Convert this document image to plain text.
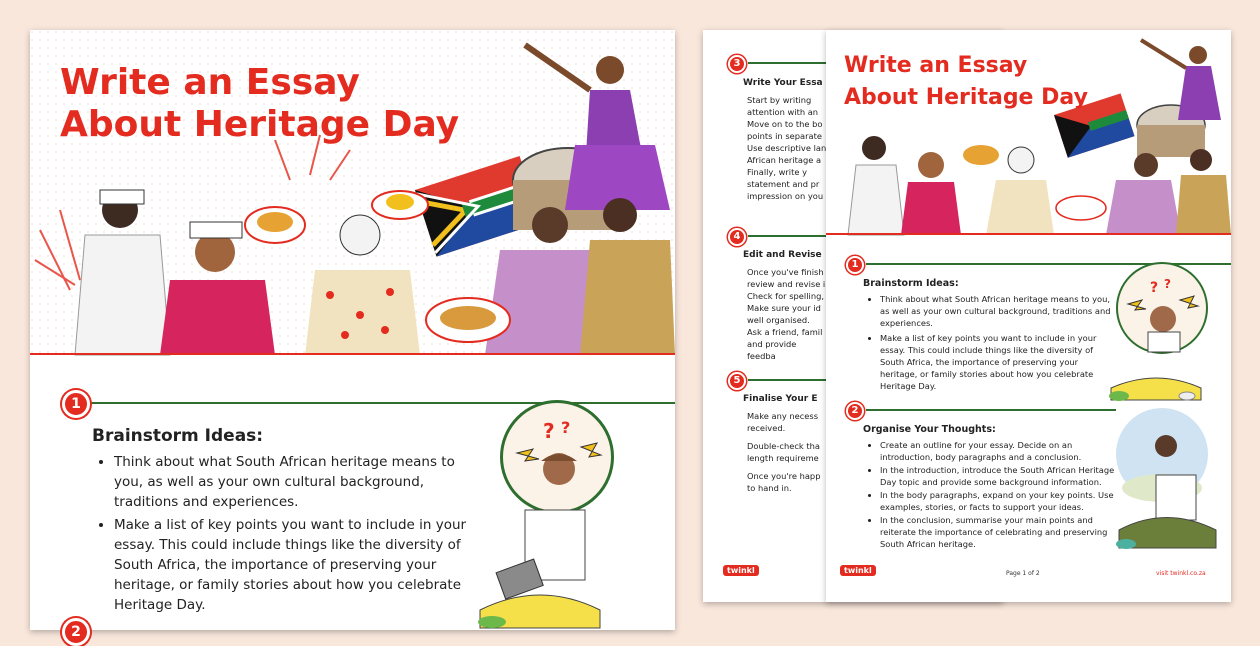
Write an Essay About Heritage Day
1
Brainstorm Ideas:
• Think about what South African heritage means to you, as well as your own cultural background, traditions and experiences.
• Make a list of key points you want to include in your essay. This could include things like the diversity of South Africa, the importance of preserving your heritage, or family stories about how you celebrate Heritage Day.
? ?
2
3
Write Your Essa
Start by writing
attention with an
Move on to the bo
points in separate
Use descriptive lan
African heritage a
Finally, write y
statement and pr
impression on you
4
Edit and Revise
Once you've finish
review and revise i
Check for spelling,
Make sure your id
well organised.
Ask a friend, famil
and provide feedba
5
Finalise Your E
Make any necess
received.
Double-check tha
length requireme
Once you're happ
to hand in.
twinkl
Write an Essay About Heritage Day
1
Brainstorm Ideas:
• Think about what South African heritage means to you, as well as your own cultural background, traditions and experiences.
• Make a list of key points you want to include in your essay. This could include things like the diversity of South Africa, the importance of preserving your heritage, or family stories about how you celebrate Heritage Day.
? ?
2
Organise Your Thoughts:
• Create an outline for your essay. Decide on an introduction, body paragraphs and a conclusion.
• In the introduction, introduce the South African Heritage Day topic and provide some background information.
• In the body paragraphs, expand on your key points. Use examples, stories, or facts to support your ideas.
• In the conclusion, summarise your main points and reiterate the importance of celebrating and preserving South African heritage.
twinkl	Page 1 of 2	visit twinkl.co.za
